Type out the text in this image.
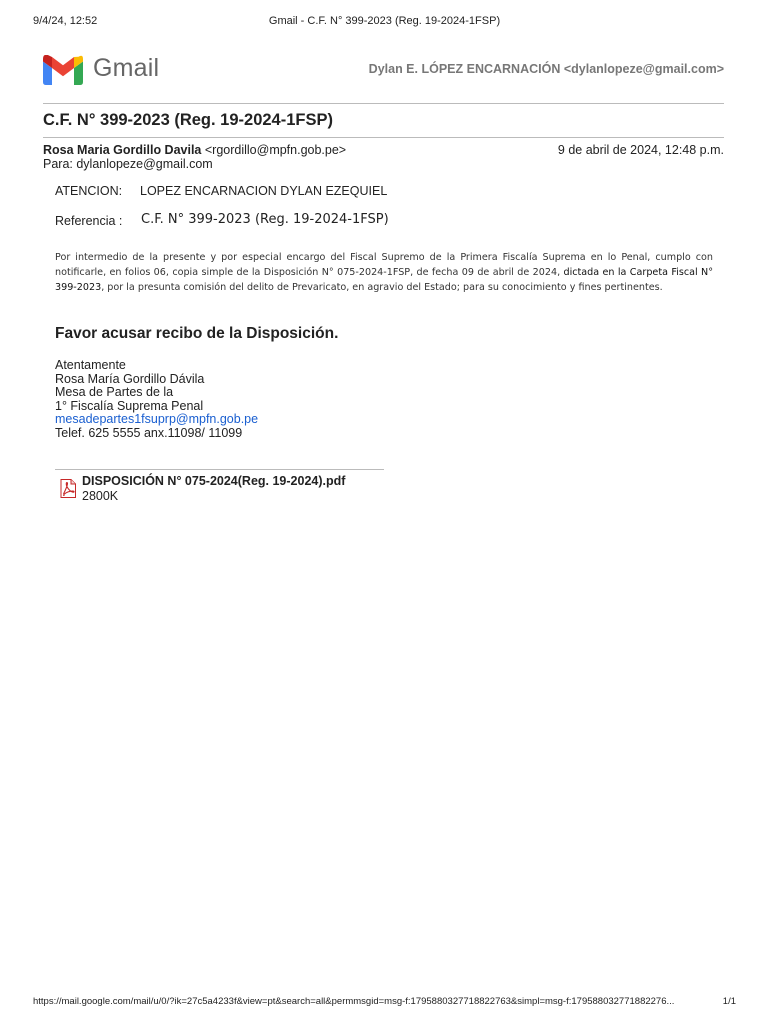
9/4/24, 12:52	Gmail - C.F. N° 399-2023 (Reg. 19-2024-1FSP)
Gmail	Dylan E. LÓPEZ ENCARNACIÓN <dylanlopeze@gmail.com>
C.F. N° 399-2023 (Reg. 19-2024-1FSP)
Rosa Maria Gordillo Davila <rgordillo@mpfn.gob.pe>	9 de abril de 2024, 12:48 p.m.
Para: dylanlopeze@gmail.com
ATENCION: LOPEZ ENCARNACION DYLAN EZEQUIEL
Referencia : C.F. N° 399-2023 (Reg. 19-2024-1FSP)
Por intermedio de la presente y por especial encargo del Fiscal Supremo de la Primera Fiscalía Suprema en lo Penal, cumplo con notificarle, en folios 06, copia simple de la Disposición N° 075-2024-1FSP, de fecha 09 de abril de 2024, dictada en la Carpeta Fiscal N° 399-2023, por la presunta comisión del delito de Prevaricato, en agravio del Estado; para su conocimiento y fines pertinentes.
Favor acusar recibo de la Disposición.
Atentamente
Rosa María Gordillo Dávila
Mesa de Partes de la
1° Fiscalía Suprema Penal
mesadepartes1fsuprp@mpfn.gob.pe
Telef. 625 5555 anx.11098/ 11099
DISPOSICIÓN N° 075-2024(Reg. 19-2024).pdf
2800K
https://mail.google.com/mail/u/0/?ik=27c5a4233f&view=pt&search=all&permmsgid=msg-f:1795880327718822763&simpl=msg-f:179588032771882276...	1/1
